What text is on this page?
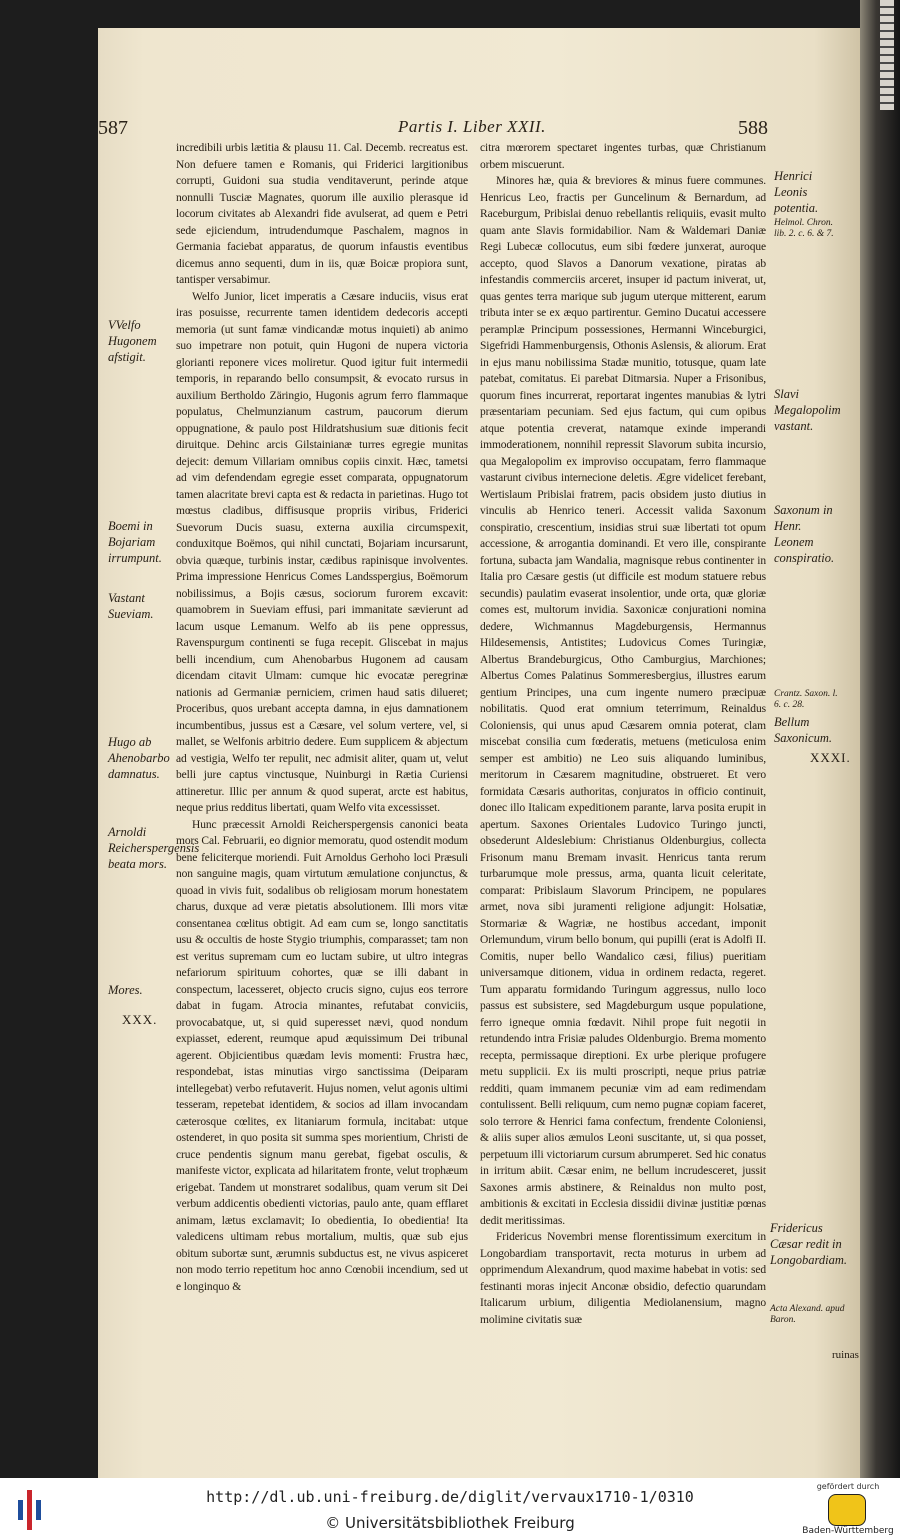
587	Partis I. Liber XXII.	588

incredibili urbis lætitia & plausu 11. Cal. Decemb. recreatus est. Non defuere tamen e Romanis, qui Friderici largitionibus corrupti, Guidoni sua studia venditaverunt, perinde atque nonnulli Tusciæ Magnates, quorum ille auxilio plerasque id locorum civitates ab Alexandri fide avulserat, ad quem e Petri sede ejiciendum, intrudendumque Paschalem, magnos in Germania faciebat apparatus, de quorum infaustis eventibus dicemus anno sequenti, dum in iis, quæ Boicæ propiora sunt, tantisper versabimur.

Welfo Junior, licet imperatis a Cæsare induciis, visus erat iras posuisse, recurrente tamen identidem dedecoris accepti memoria (ut sunt famæ vindicandæ motus inquieti) ab animo suo impetrare non potuit, quin Hugoni de nupera victoria glorianti reponere vices moliretur. Quod igitur fuit intermedii temporis, in reparando bello consumpsit, & evocato rursus in auxilium Bertholdo Zäringio, Hugonis agrum ferro flammaque populatus, Chelmunzianum castrum, paucorum dierum oppugnatione, & paulo post Hildratshusium suæ ditionis fecit diruitque. Dehinc arcis Gilstainianæ turres egregie munitas dejecit: demum Villariam omnibus copiis cinxit. Hæc, tametsi ad vim defendendam egregie esset comparata, oppugnatorum tamen alacritate brevi capta est & redacta in parietinas. Hugo tot mœstus cladibus, diffisusque propriis viribus, Friderici Suevorum Ducis suasu, externa auxilia circumspexit, conduxitque Boëmos, qui nihil cunctati, Bojariam incursarunt, obvia quæque, turbinis instar, cædibus rapinisque involventes. Prima impressione Henricus Comes Landsspergius, Boëmorum nobilissimus, a Bojis cæsus, sociorum furorem excavit: quamobrem in Sueviam effusi, pari immanitate sævierunt ad lacum usque Lemanum. Welfo ab iis pene oppressus, Ravenspurgum continenti se fuga recepit. Gliscebat in majus belli incendium, cum Ahenobarbus Hugonem ad causam dicendam citavit Ulmam: cumque hic evocatæ peregrinæ nationis ad Germaniæ perniciem, crimen haud satis dilueret; Proceribus, quos urebant accepta damna, in ejus damnationem incumbentibus, jussus est a Cæsare, vel solum vertere, vel, si mallet, se Welfonis arbitrio dedere. Eum supplicem & abjectum ad vestigia, Welfo ter repulit, nec admisit aliter, quam ut, velut belli jure captus vinctusque, Nuinburgi in Rætia Curiensi attineretur. Illic per annum & quod superat, arcte est habitus, neque prius redditus libertati, quam Welfo vita excessisset.

Hunc præcessit Arnoldi Reicherspergensis canonici beata mors Cal. Februarii, eo dignior memoratu, quod ostendit modum bene feliciterque moriendi. Fuit Arnoldus Gerhoho loci Præsuli non sanguine magis, quam virtutum æmulatione conjunctus, & quoad in vivis fuit, sodalibus ob religiosam morum honestatem charus, duxque ad veræ pietatis absolutionem. Illi mors vitæ consentanea cœlitus obtigit. Ad eam cum se, longo sanctitatis usu & occultis de hoste Stygio triumphis, comparasset; tam non est veritus supremam cum eo luctam subire, ut ultro integras nefariorum spirituum cohortes, quæ se illi dabant in conspectum, lacesseret, objecto crucis signo, cujus eos terrore dabat in fugam. Atrocia minantes, refutabat conviciis, provocabatque, ut, si quid superesset nævi, quod nondum expiasset, ederent, reumque apud æquissimum Dei tribunal agerent. Objicientibus quædam levis momenti: Frustra hæc, respondebat, istas minutias virgo sanctissima (Deiparam intellegebat) verbo refutaverit. Hujus nomen, velut agonis ultimi tesseram, repetebat identidem, & socios ad illam invocandam cæterosque cœlites, ex litaniarum formula, incitabat: utque ostenderet, in quo posita sit summa spes morientium, Christi de cruce pendentis signum manu gerebat, figebat osculis, & manifeste victor, explicata ad hilaritatem fronte, velut trophæum erigebat. Tandem ut monstraret sodalibus, quam verum sit Dei verbum addicentis obedienti victorias, paulo ante, quam efflaret animam, lætus exclamavit; Io obedientia, Io obedientia! Ita valedicens ultimam rebus mortalium, multis, quæ sub ejus obitum subortæ sunt, ærumnis subductus est, ne vivus aspiceret non modo terrio repetitum hoc anno Cœnobii incendium, sed ut e longinquo &

citra mœrorem spectaret ingentes turbas, quæ Christianum orbem miscuerunt.

Minores hæ, quia & breviores & minus fuere communes. Henricus Leo, fractis per Guncelinum & Bernardum, ad Raceburgum, Pribislai denuo rebellantis reliquiis, evasit multo quam ante Slavis formidabilior. Nam & Waldemari Daniæ Regi Lubecæ collocutus, eum sibi fœdere junxerat, auroque accepto, quod Slavos a Danorum vexatione, piratas ab infestandis commerciis arceret, insuper id pactum iniverat, ut, quas gentes terra marique sub jugum uterque mitterent, earum tributa inter se ex æquo partirentur. Gemino Ducatui accessere peramplæ Principum possessiones, Hermanni Winceburgici, Sigefridi Hammenburgensis, Othonis Aslensis, & aliorum. Erat in ejus manu nobilissima Stadæ munitio, totusque, quam late patebat, comitatus. Ei parebat Ditmarsia. Nuper a Frisonibus, quorum fines incurrerat, reportarat ingentes manubias & lytri præsentariam pecuniam. Sed ejus factum, qui cum opibus atque potentia creverat, natamque exinde imperandi immoderationem, nonnihil repressit Slavorum subita incursio, qua Megalopolim ex improviso occupatam, ferro flammaque vastarunt civibus internecione deletis. Ægre videlicet ferebant, Wertislaum Pribislai fratrem, pacis obsidem justo diutius in vinculis ab Henrico teneri. Accessit valida Saxonum conspiratio, crescentium, insidias strui suæ libertati tot opum accessione, & arrogantia dominandi. Et vero ille, conspirante fortuna, subacta jam Wandalia, magnisque rebus continenter in Italia pro Cæsare gestis (ut difficile est modum statuere rebus secundis) paulatim evaserat insolentior, unde orta, quæ gloriæ comes est, multorum invidia. Saxonicæ conjurationi nomina dedere, Wichmannus Magdeburgensis, Hermannus Hildesemensis, Antistites; Ludovicus Comes Turingiæ, Albertus Brandeburgicus, Otho Camburgius, Marchiones; Albertus Comes Palatinus Sommeresbergius, illustres earum gentium Principes, una cum ingente numero præcipuæ nobilitatis. Quod erat omnium teterrimum, Reinaldus Coloniensis, qui unus apud Cæsarem omnia poterat, clam miscebat consilia cum fœderatis, metuens (meticulosa enim semper est ambitio) ne Leo suis aliquando luminibus, meritorum in Cæsarem magnitudine, obstrueret. Et vero formidata Cæsaris authoritas, conjuratos in officio continuit, donec illo Italicam expeditionem parante, larva posita erupit in apertum. Saxones Orientales Ludovico Turingo juncti, obsederunt Aldeslebium: Christianus Oldenburgius, collecta Frisonum manu Bremam invasit. Henricus tanta rerum turbarumque mole pressus, arma, quanta licuit celeritate, comparat: Pribislaum Slavorum Principem, ne populares armet, nova sibi juramenti religione adjungit: Holsatiæ, Stormariæ & Wagriæ, ne hostibus accedant, imponit Orlemundum, virum bello bonum, qui pupilli (erat is Adolfi II. Comitis, nuper bello Wandalico cæsi, filius) pueritiam universamque ditionem, vidua in ordinem redacta, regeret. Tum apparatu formidando Turingum aggressus, nullo loco passus est subsistere, sed Magdeburgum usque populatione, ferro igneque omnia fœdavit. Nihil prope fuit negotii in retundendo intra Frisiæ paludes Oldenburgio. Brema momento recepta, permissaque direptioni. Ex urbe plerique profugere metu supplicii. Ex iis multi proscripti, neque prius patriæ redditi, quam immanem pecuniæ vim ad eam redimendam contulissent. Belli reliquum, cum nemo pugnæ copiam faceret, solo terrore & Henrici fama confectum, frendente Coloniensi, & aliis super alios æmulos Leoni suscitante, ut, si qua posset, perpetuum illi victoriarum cursum abrumperet. Sed hic conatus in irritum abiit. Cæsar enim, ne bellum incrudesceret, jussit Saxones armis abstinere, & Reinaldus non multo post, ambitionis & excitati in Ecclesia dissidii divinæ justitiæ pœnas dedit meritissimas.

Fridericus Novembri mense florentissimum exercitum in Longobardiam transportavit, recta moturus in urbem ad opprimendum Alexandrum, quod maxime habebat in votis: sed festinanti moras injecit Anconæ obsidio, defectio quarundam Italicarum urbium, diligentia Mediolanensium, magno molimine civitatis suæ

ruinas
VVelfo Hugonem afstigit.
Boemi in Bojariam irrumpunt.
Vastant Sueviam.
Hugo ab Ahenobarbo damnatus.
Arnoldi Reicherspergensis beata mors.
Mores.
XXX.
Henrici Leonis potentia.
Helmol. Chron. lib. 2. c. 6. & 7.
Slavi Megalopolim vastant.
Saxonum in Henr. Leonem conspiratio.
Crantz. Saxon. l. 6. c. 28.
Bellum Saxonicum.
XXXI.
Fridericus Cæsar redit in Longobardiam.
Acta Alexand. apud Baron.
http://dl.ub.uni-freiburg.de/diglit/vervaux1710-1/0310
© Universitätsbibliothek Freiburg
gefördert durch
Baden-Württemberg
